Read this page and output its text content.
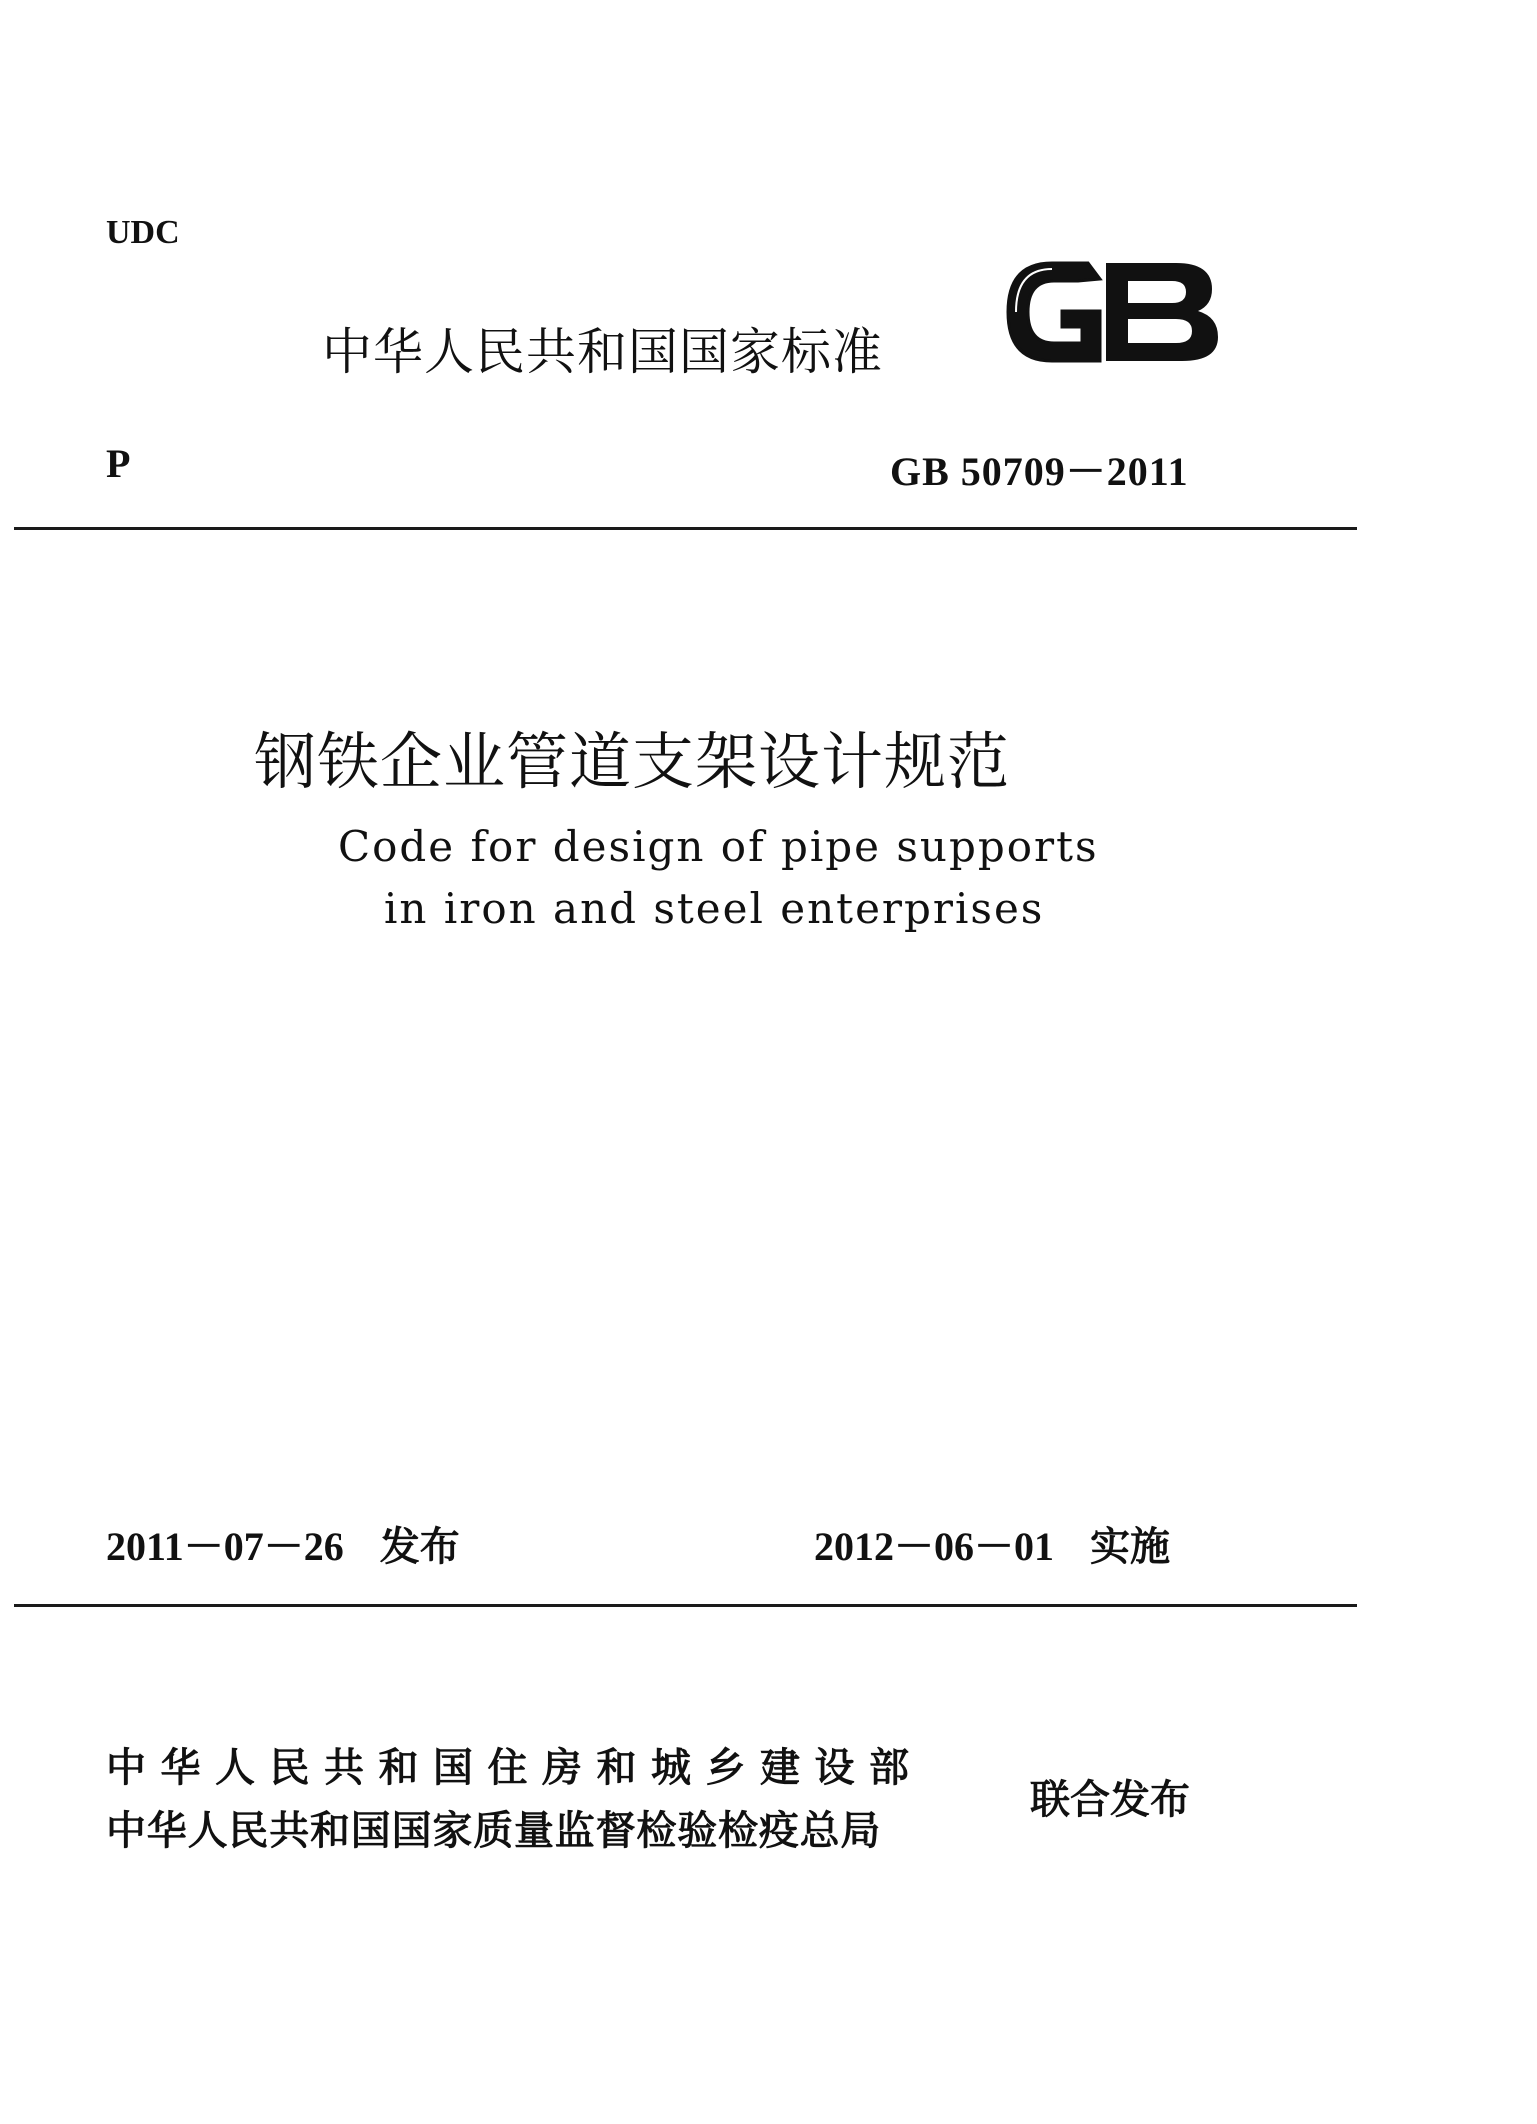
UDC
中华人民共和国国家标准
P	GB 50709－2011
钢铁企业管道支架设计规范
Code for design of pipe supports
in iron and steel enterprises
2011－07－26 发布	2012－06－01 实施
中华人民共和国住房和城乡建设部
中华人民共和国国家质量监督检验检疫总局
联合发布
